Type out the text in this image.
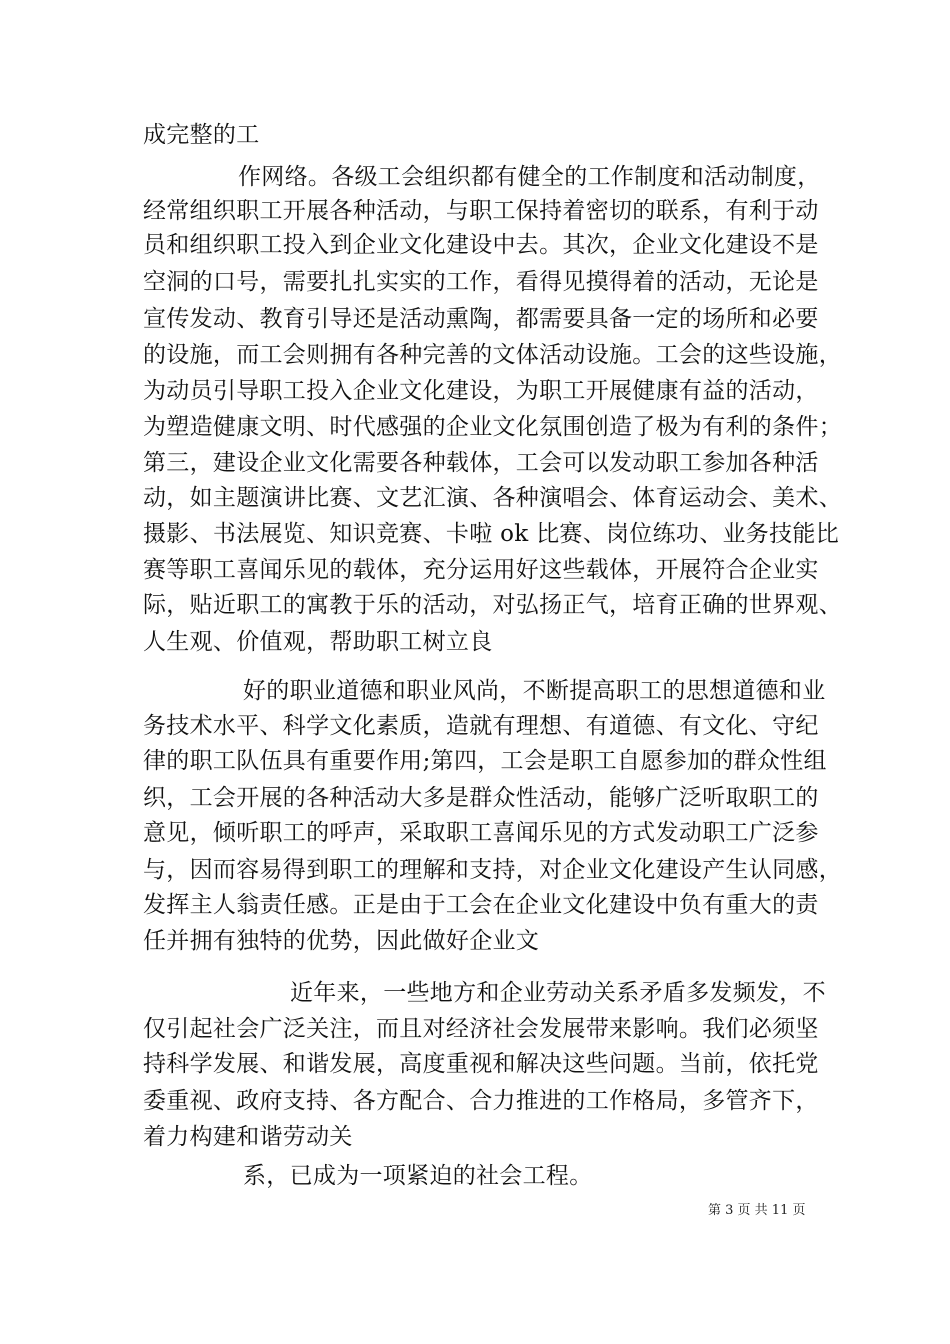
成完整的工
作网络。各级工会组织都有健全的工作制度和活动制度，
经常组织职工开展各种活动，与职工保持着密切的联系，有利于动
员和组织职工投入到企业文化建设中去。其次，企业文化建设不是
空洞的口号，需要扎扎实实的工作，看得见摸得着的活动，无论是
宣传发动、教育引导还是活动熏陶，都需要具备一定的场所和必要
的设施，而工会则拥有各种完善的文体活动设施。工会的这些设施，
为动员引导职工投入企业文化建设，为职工开展健康有益的活动，
为塑造健康文明、时代感强的企业文化氛围创造了极为有利的条件；
第三，建设企业文化需要各种载体，工会可以发动职工参加各种活
动，如主题演讲比赛、文艺汇演、各种演唱会、体育运动会、美术、
摄影、书法展览、知识竞赛、卡啦 ok 比赛、岗位练功、业务技能比
赛等职工喜闻乐见的载体，充分运用好这些载体，开展符合企业实
际，贴近职工的寓教于乐的活动，对弘扬正气，培育正确的世界观、
人生观、价值观，帮助职工树立良
好的职业道德和职业风尚，不断提高职工的思想道德和业
务技术水平、科学文化素质，造就有理想、有道德、有文化、守纪
律的职工队伍具有重要作用;第四，工会是职工自愿参加的群众性组
织，工会开展的各种活动大多是群众性活动，能够广泛听取职工的
意见，倾听职工的呼声，采取职工喜闻乐见的方式发动职工广泛参
与，因而容易得到职工的理解和支持，对企业文化建设产生认同感，
发挥主人翁责任感。正是由于工会在企业文化建设中负有重大的责
任并拥有独特的优势，因此做好企业文
近年来，一些地方和企业劳动关系矛盾多发频发，不
仅引起社会广泛关注，而且对经济社会发展带来影响。我们必须坚
持科学发展、和谐发展，高度重视和解决这些问题。当前，依托党
委重视、政府支持、各方配合、合力推进的工作格局，多管齐下，
着力构建和谐劳动关
系，已成为一项紧迫的社会工程。
第 3 页 共 11 页
